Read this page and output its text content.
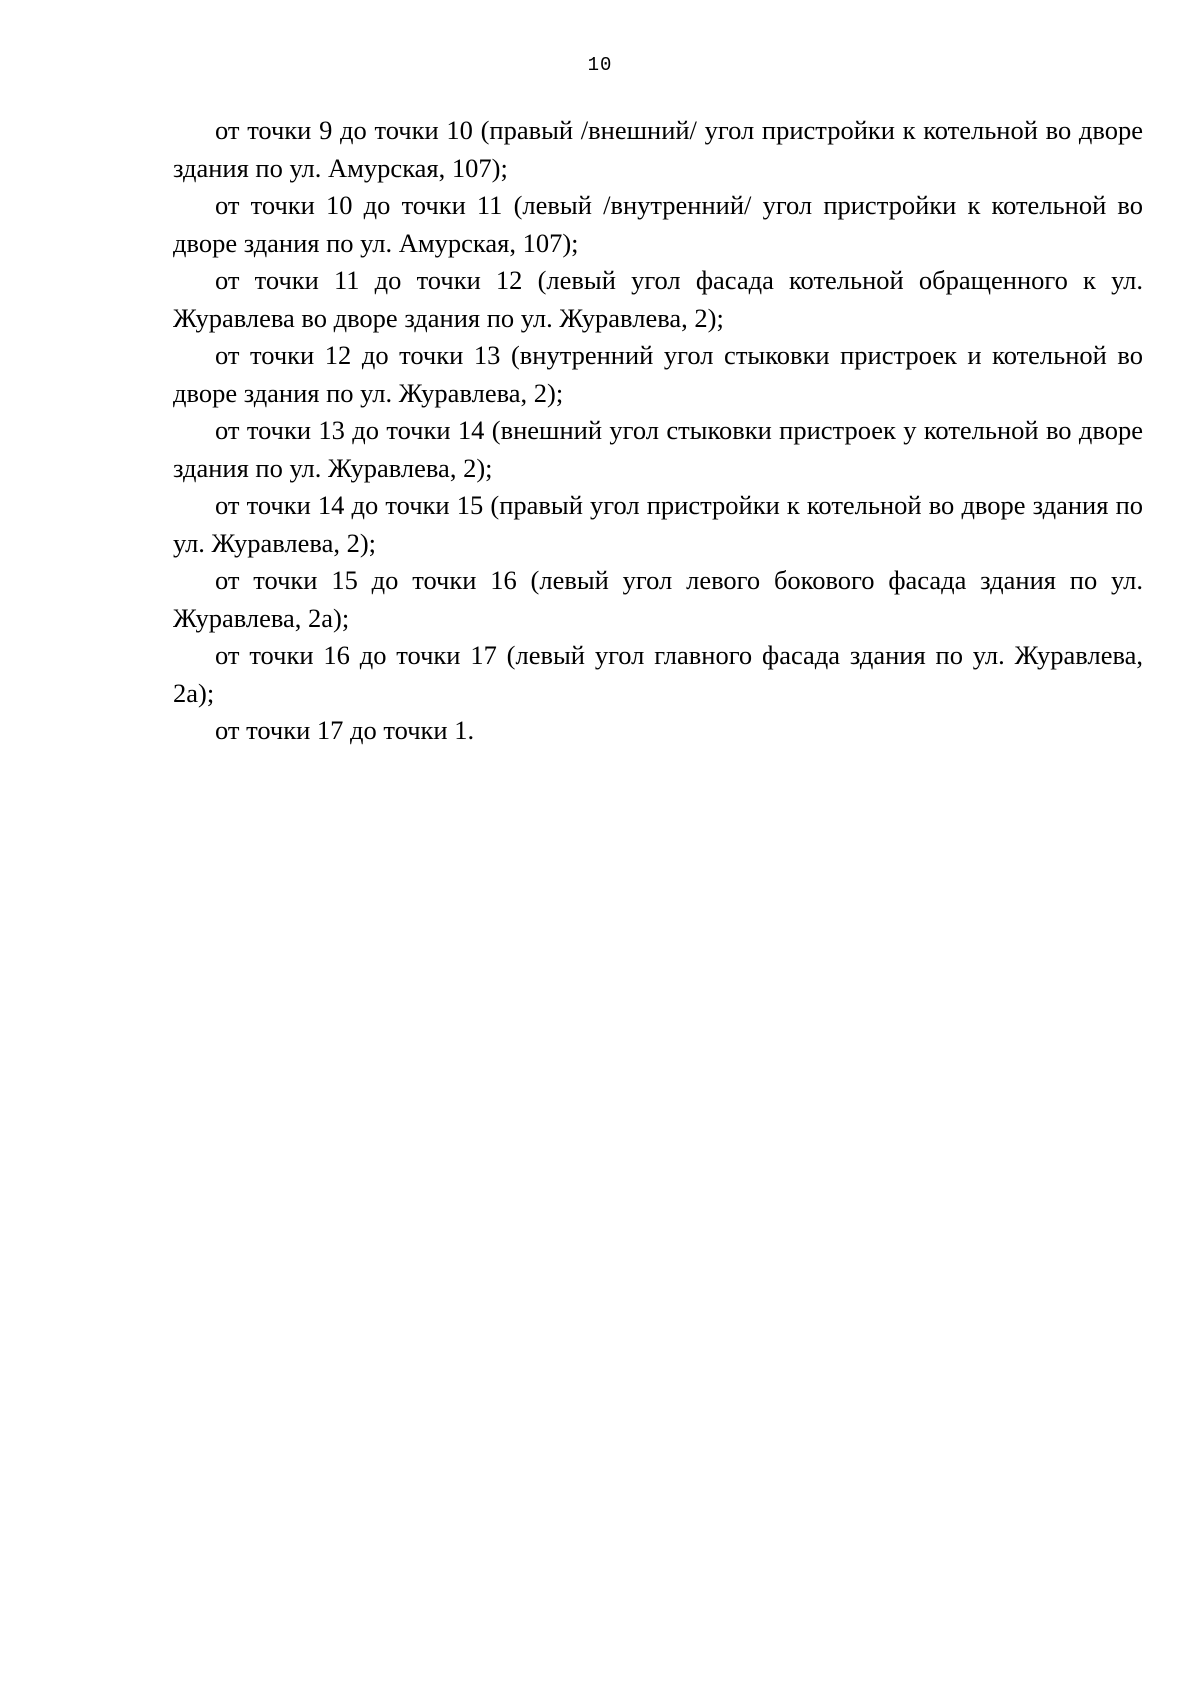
10

от точки 9 до точки 10 (правый /внешний/ угол пристройки к котельной во дворе здания по ул. Амурская, 107);

от точки 10 до точки 11 (левый /внутренний/ угол пристройки к котельной во дворе здания по ул. Амурская, 107);

от точки 11 до точки 12 (левый угол фасада котельной обращенного к ул. Журавлева во дворе здания по ул. Журавлева, 2);

от точки 12 до точки 13 (внутренний угол стыковки пристроек и котельной во дворе здания по ул. Журавлева, 2);

от точки 13 до точки 14 (внешний угол стыковки пристроек у котельной во дворе здания по ул. Журавлева, 2);

от точки 14 до точки 15 (правый угол пристройки к котельной во дворе здания по ул. Журавлева, 2);

от точки 15 до точки 16 (левый угол левого бокового фасада здания по ул. Журавлева, 2а);

от точки 16 до точки 17 (левый угол главного фасада здания по ул. Журавлева, 2а);

от точки 17 до точки 1.
